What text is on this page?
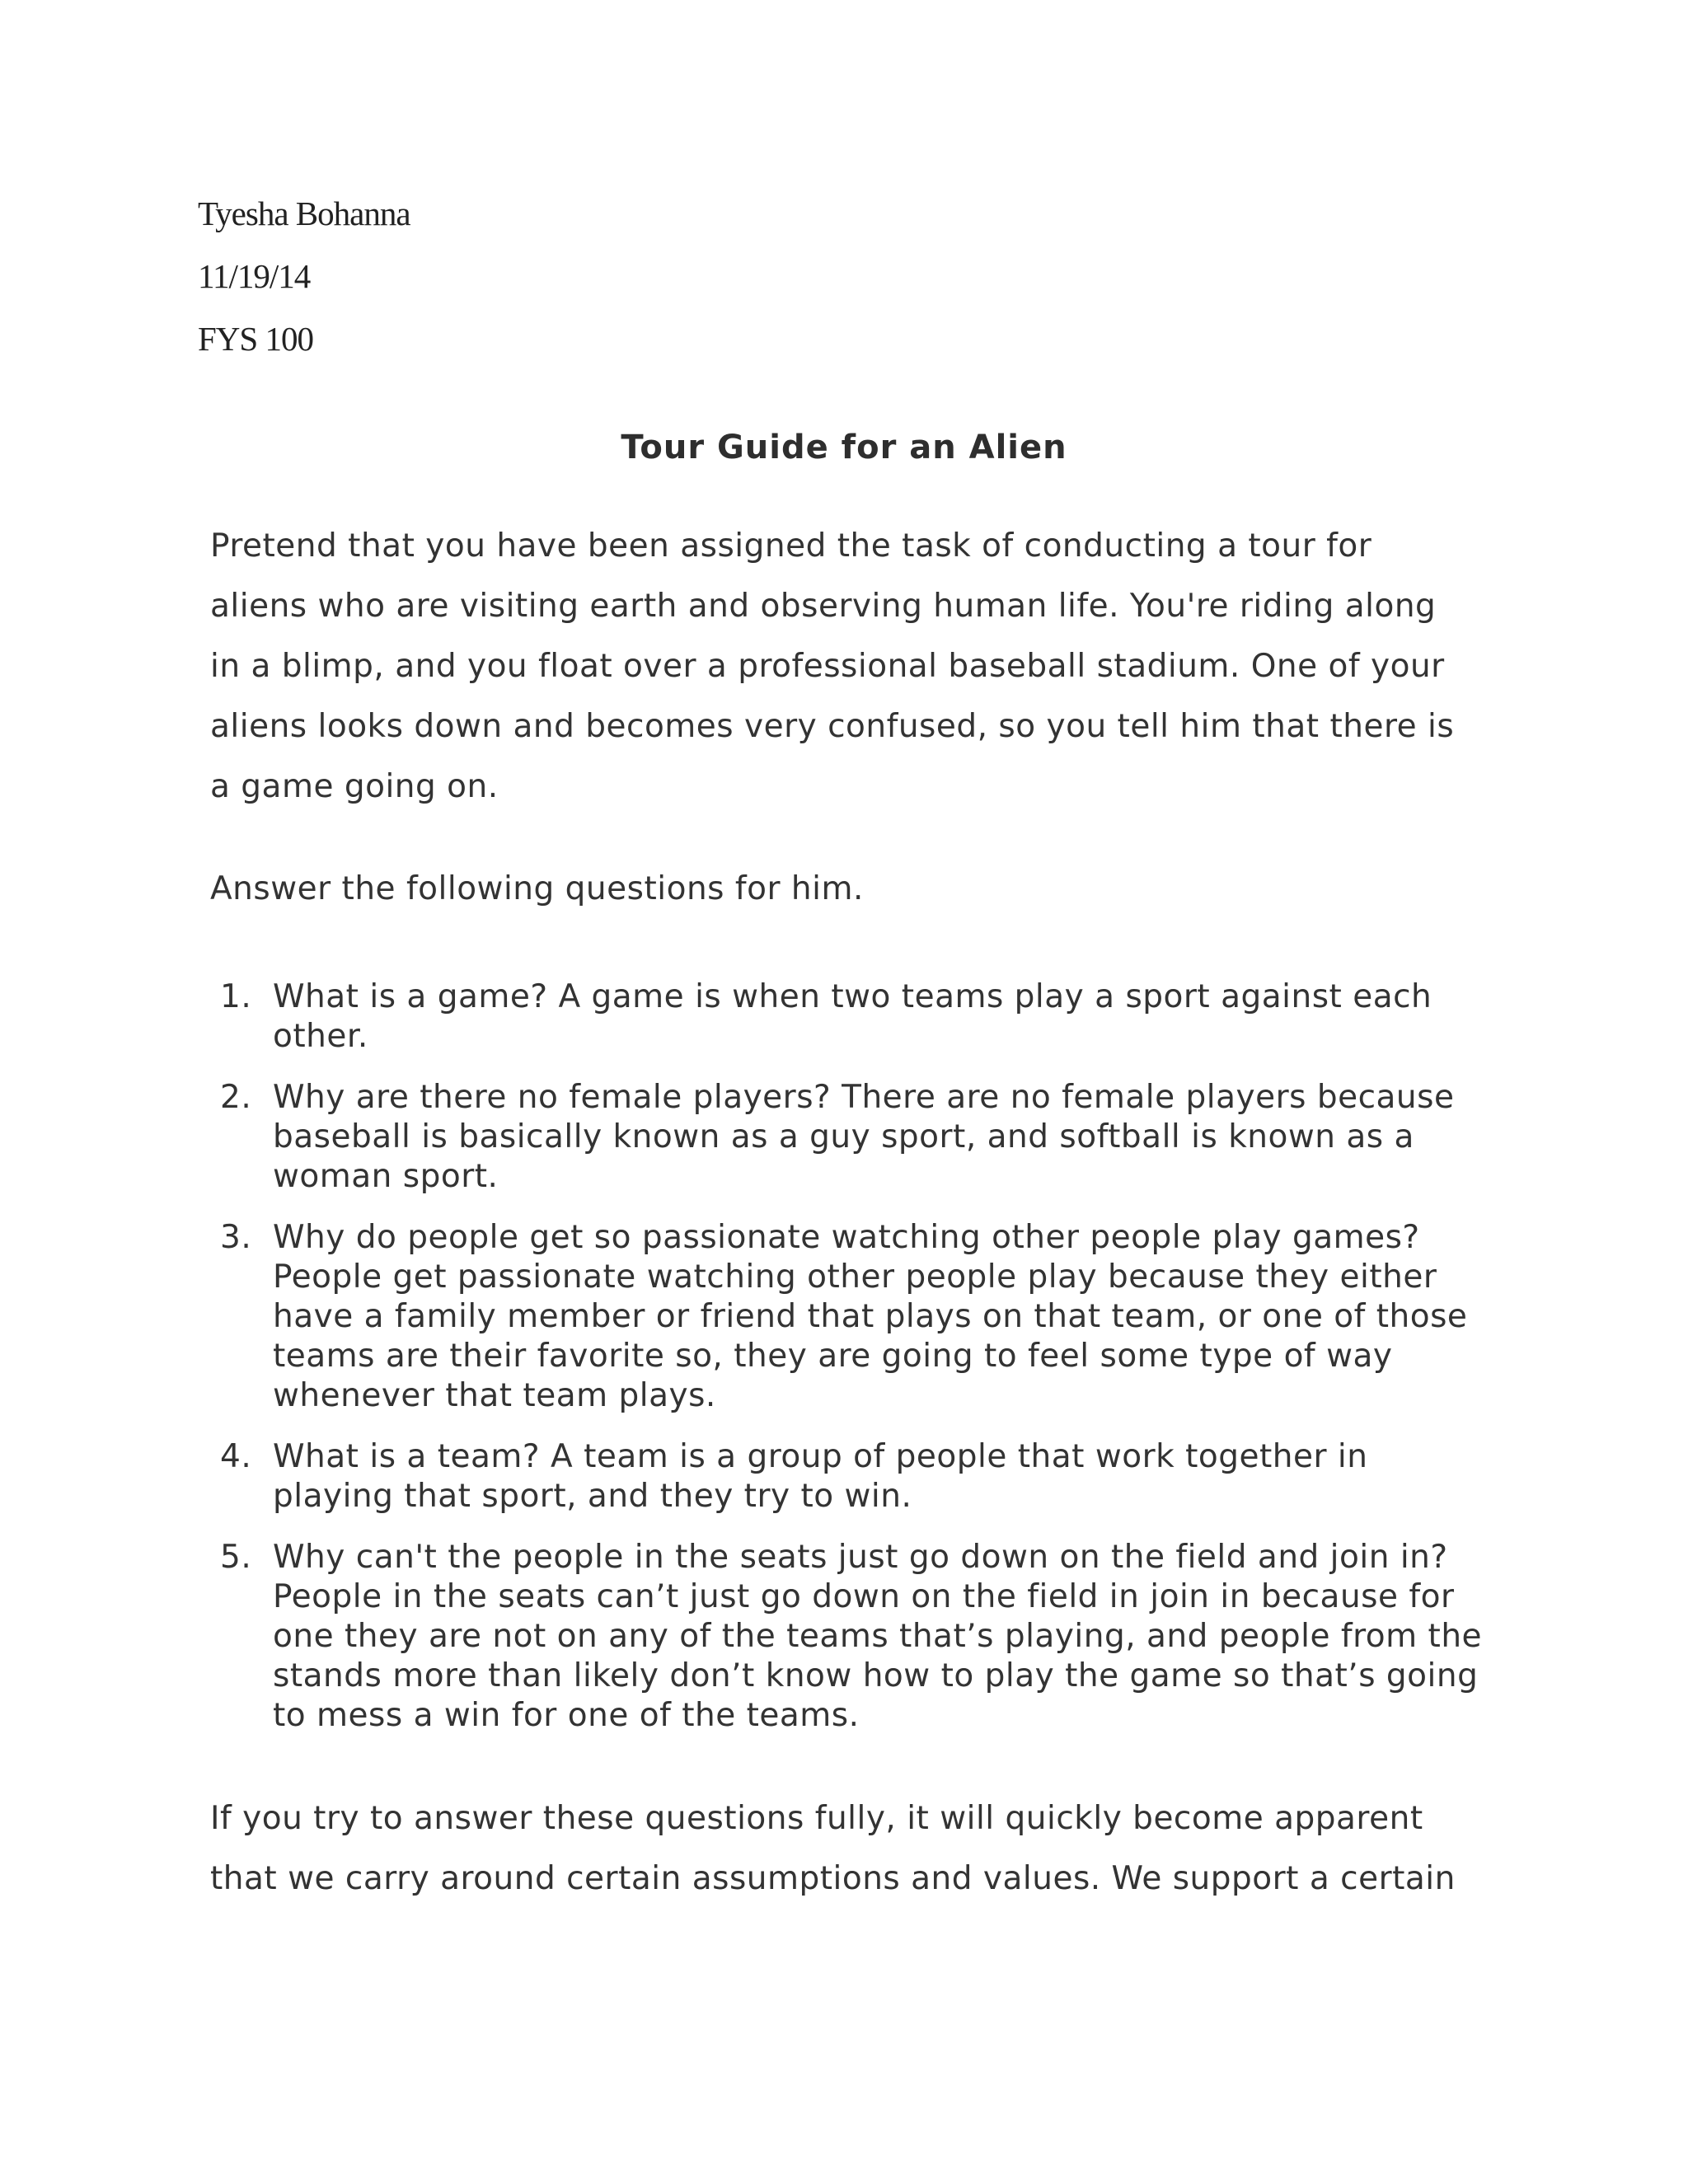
Tyesha Bohanna
11/19/14
FYS 100
Tour Guide for an Alien
Pretend that you have been assigned the task of conducting a tour for
aliens who are visiting earth and observing human life. You're riding along
in a blimp, and you float over a professional baseball stadium. One of your
aliens looks down and becomes very confused, so you tell him that there is
a game going on.
Answer the following questions for him.
1. What is a game? A game is when two teams play a sport against each
other.
2. Why are there no female players? There are no female players because
baseball is basically known as a guy sport, and softball is known as a
woman sport.
3. Why do people get so passionate watching other people play games?
People get passionate watching other people play because they either
have a family member or friend that plays on that team, or one of those
teams are their favorite so, they are going to feel some type of way
whenever that team plays.
4. What is a team? A team is a group of people that work together in
playing that sport, and they try to win.
5. Why can't the people in the seats just go down on the field and join in?
People in the seats can’t just go down on the field in join in because for
one they are not on any of the teams that’s playing, and people from the
stands more than likely don’t know how to play the game so that’s going
to mess a win for one of the teams.
If you try to answer these questions fully, it will quickly become apparent
that we carry around certain assumptions and values. We support a certain
